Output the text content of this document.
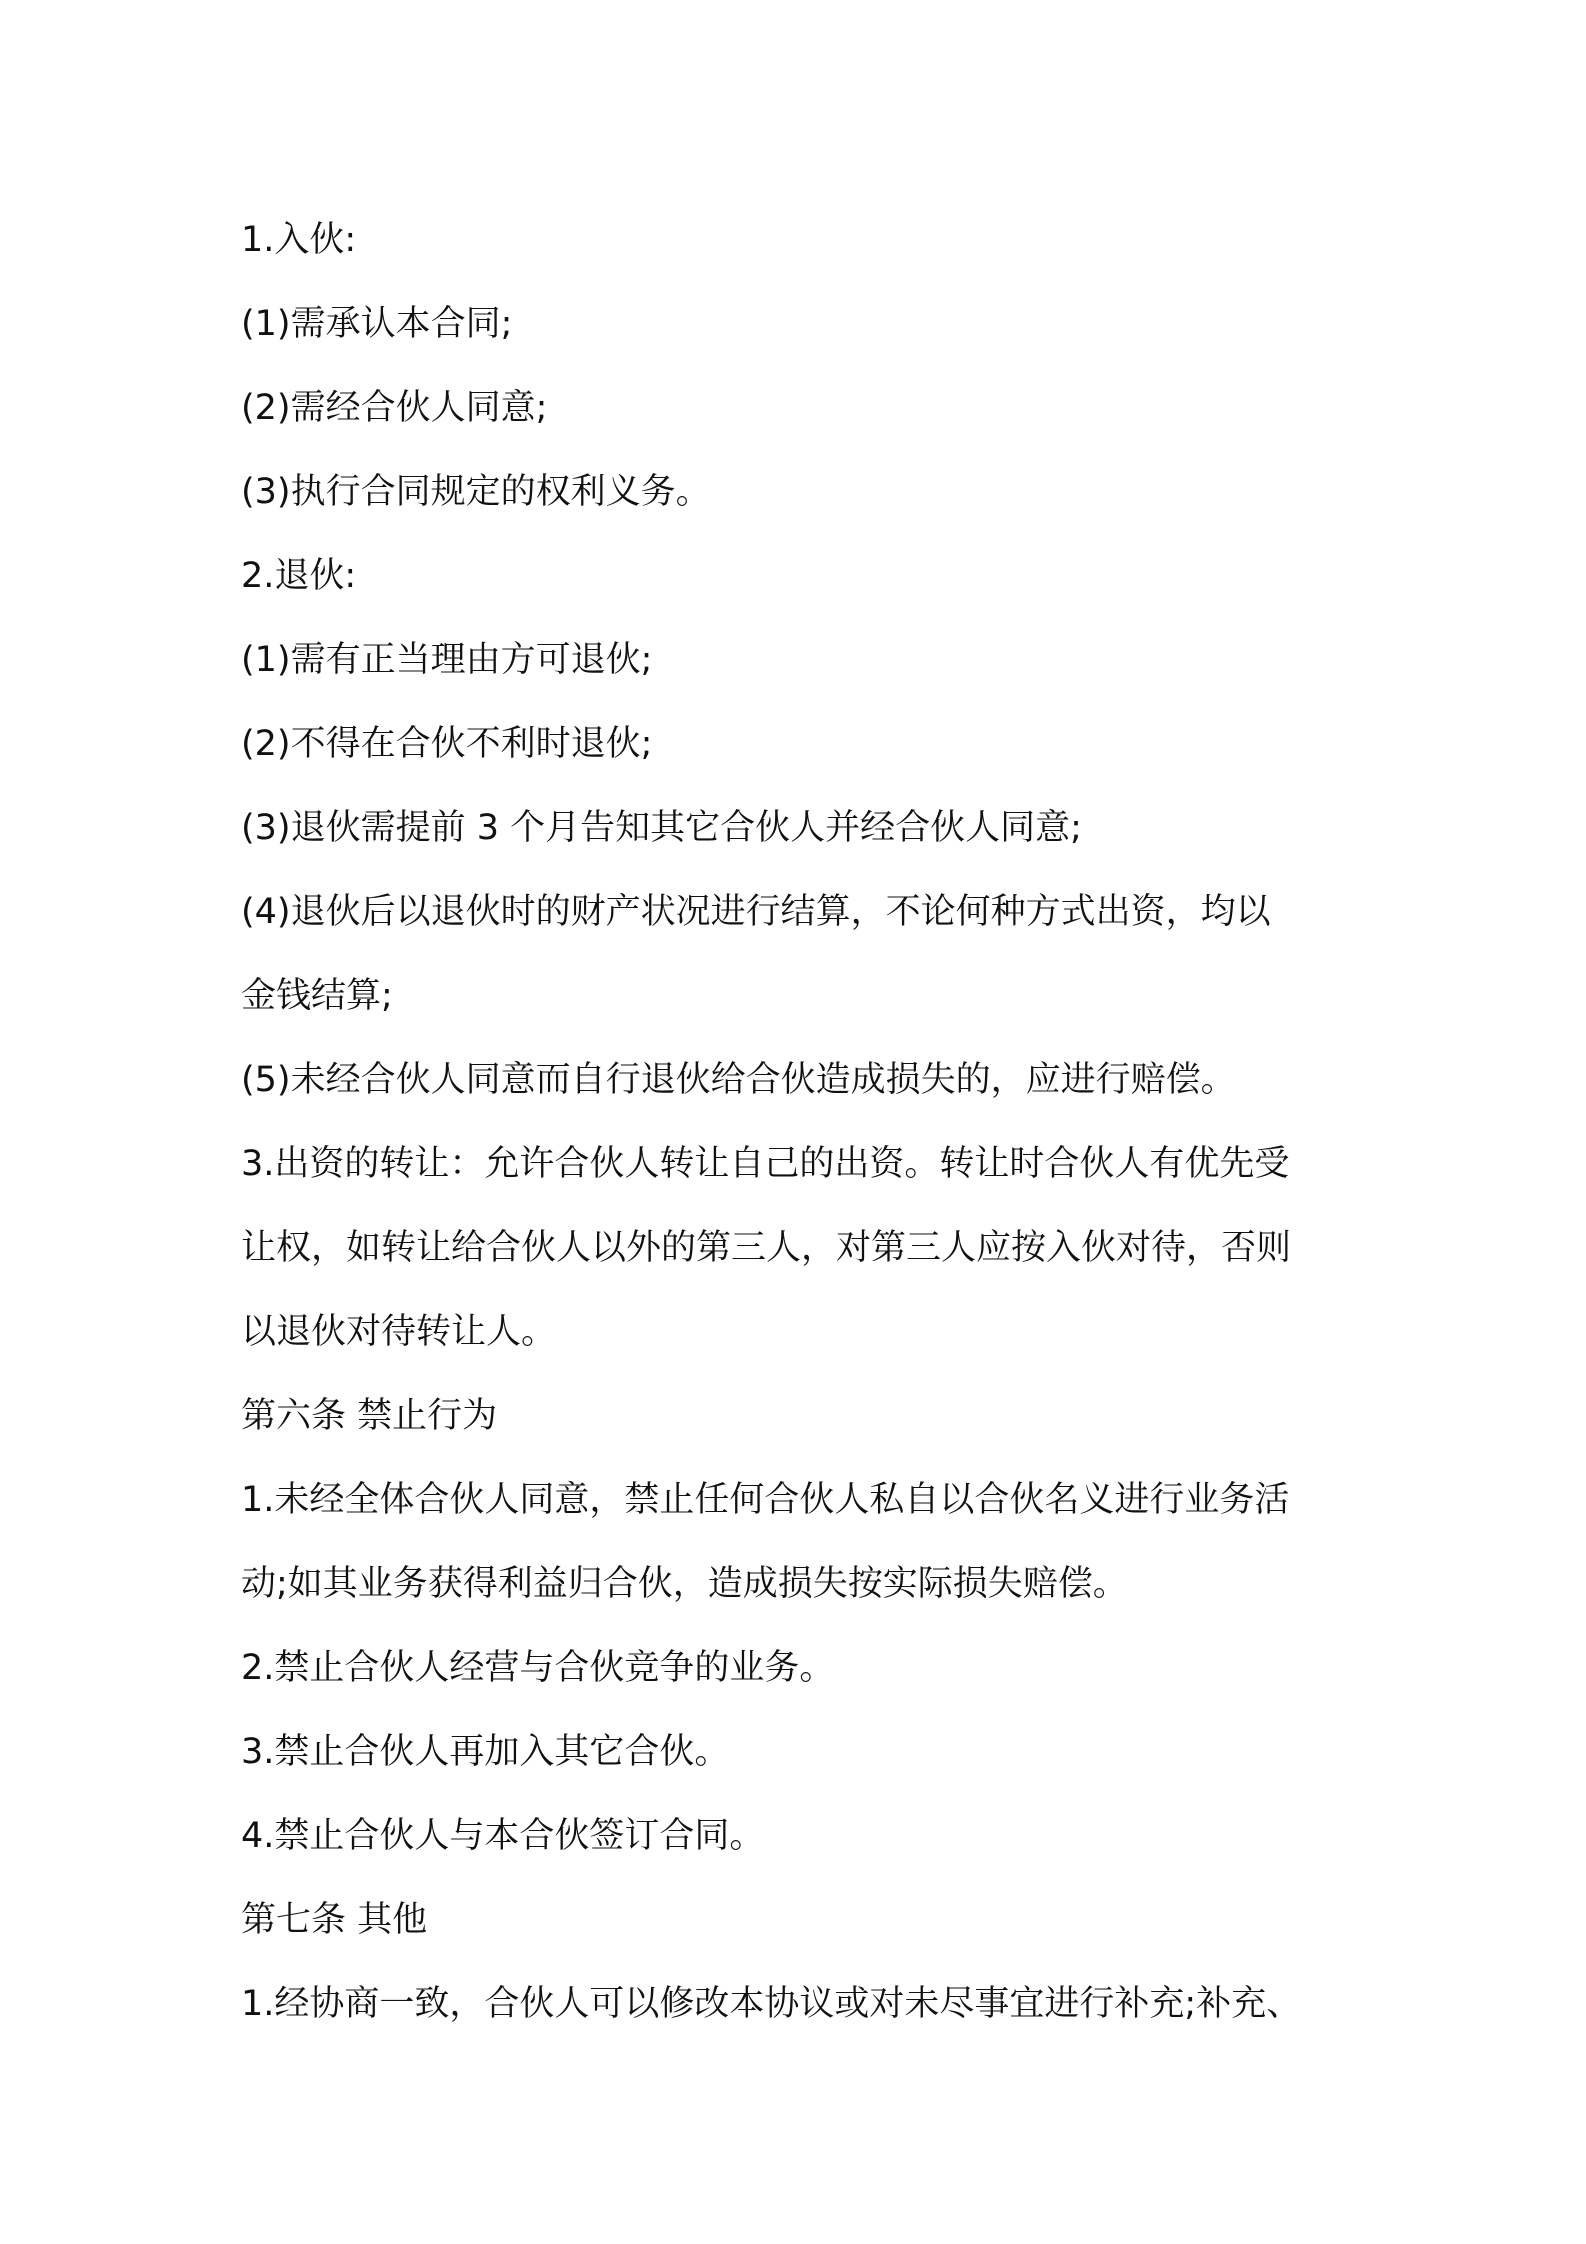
1.入伙:

(1)需承认本合同;

(2)需经合伙人同意;

(3)执行合同规定的权利义务。

2.退伙:

(1)需有正当理由方可退伙;

(2)不得在合伙不利时退伙;

(3)退伙需提前 3 个月告知其它合伙人并经合伙人同意;

(4)退伙后以退伙时的财产状况进行结算，不论何种方式出资，均以

金钱结算;

(5)未经合伙人同意而自行退伙给合伙造成损失的，应进行赔偿。

3.出资的转让：允许合伙人转让自己的出资。转让时合伙人有优先受

让权，如转让给合伙人以外的第三人，对第三人应按入伙对待，否则

以退伙对待转让人。

第六条 禁止行为

1.未经全体合伙人同意，禁止任何合伙人私自以合伙名义进行业务活

动;如其业务获得利益归合伙，造成损失按实际损失赔偿。

2.禁止合伙人经营与合伙竞争的业务。

3.禁止合伙人再加入其它合伙。

4.禁止合伙人与本合伙签订合同。

第七条 其他

1.经协商一致，合伙人可以修改本协议或对未尽事宜进行补充;补充、
